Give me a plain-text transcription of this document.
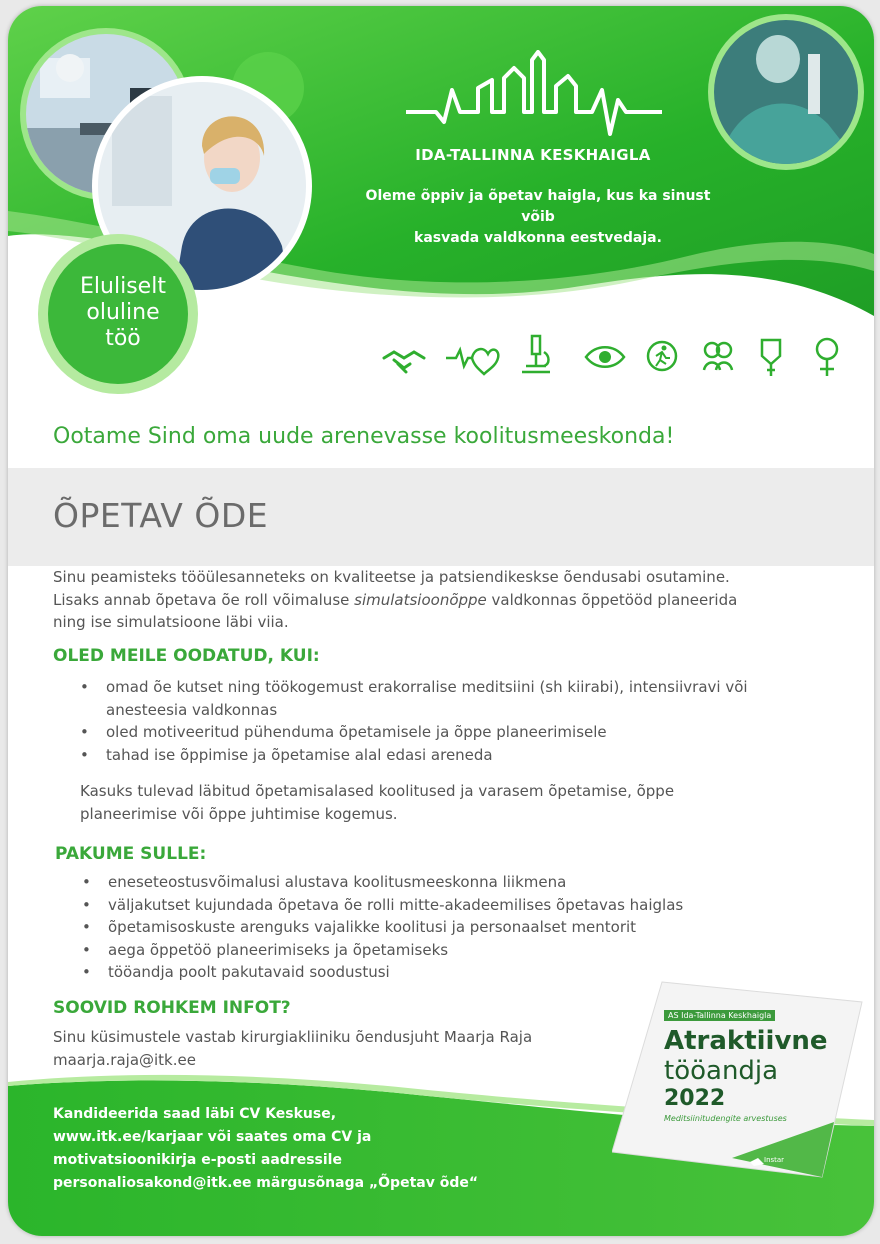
Eluliselt
oluline
töö
IDA-TALLINNA KESKHAIGLA
Oleme õppiv ja õpetav haigla, kus ka sinust
võib
kasvada valdkonna eestvedaja.
Ootame Sind oma uude arenevasse koolitusmeeskonda!
ÕPETAV ÕDE
Sinu peamisteks tööülesanneteks on kvaliteetse ja patsiendikeskse õendusabi osutamine.
Lisaks annab õpetava õe roll võimaluse simulatsioonõppe valdkonnas õppetööd planeerida
ning ise simulatsioone läbi viia.
OLED MEILE OODATUD, KUI:
• omad õe kutset ning töökogemust erakorralise meditsiini (sh kiirabi), intensiivravi või anesteesia valdkonnas
• oled motiveeritud pühenduma õpetamisele ja õppe planeerimisele
• tahad ise õppimise ja õpetamise alal edasi areneda
Kasuks tulevad läbitud õpetamisalased koolitused ja varasem õpetamise, õppe planeerimise või õppe juhtimise kogemus.
PAKUME SULLE:
• eneseteostusvõimalusi alustava koolitusmeeskonna liikmena
• väljakutset kujundada õpetava õe rolli mitte-akadeemilises õpetavas haiglas
• õpetamisoskuste arenguks vajalikke koolitusi ja personaalset mentorit
• aega õppetöö planeerimiseks ja õpetamiseks
• tööandja poolt pakutavaid soodustusi
SOOVID ROHKEM INFOT?
Sinu küsimustele vastab kirurgiakliiniku õendusjuht Maarja Raja
maarja.raja@itk.ee
Kandideerida saad läbi CV Keskuse,
www.itk.ee/karjaar või saates oma CV ja
motivatsioonikirja e-posti aadressile
personaliosakond@itk.ee märgusõnaga „Õpetav õde“
AS Ida-Tallinna Keskhaigla
Atraktiivne
tööandja
2022
Meditsiinitudengite arvestuses
Instar
